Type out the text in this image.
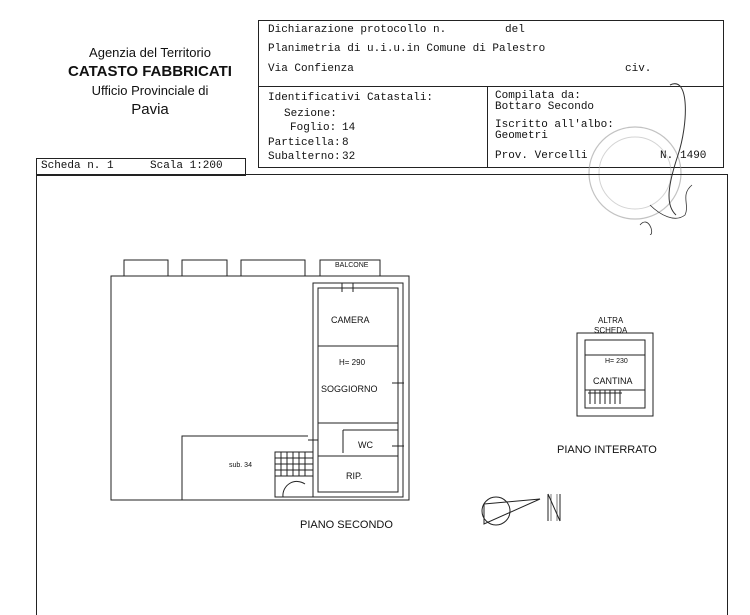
Agenzia del Territorio
CATASTO FABBRICATI
Ufficio Provinciale di
Pavia
Dichiarazione protocollo n.	del
Planimetria di u.i.u.in Comune di Palestro
Via Confienza	civ.
Identificativi Catastali:
Sezione:
Foglio: 14
Particella: 8
Subalterno: 32
Compilata da:
Bottaro Secondo
Iscritto all'albo:
Geometri
Prov. Vercelli	N. 1490
Scheda n. 1	Scala 1:200
BALCONE
CAMERA
H= 290
SOGGIORNO
WC
RIP.
sub. 34
PIANO SECONDO
ALTRA
SCHEDA
H= 230
CANTINA
PIANO INTERRATO
